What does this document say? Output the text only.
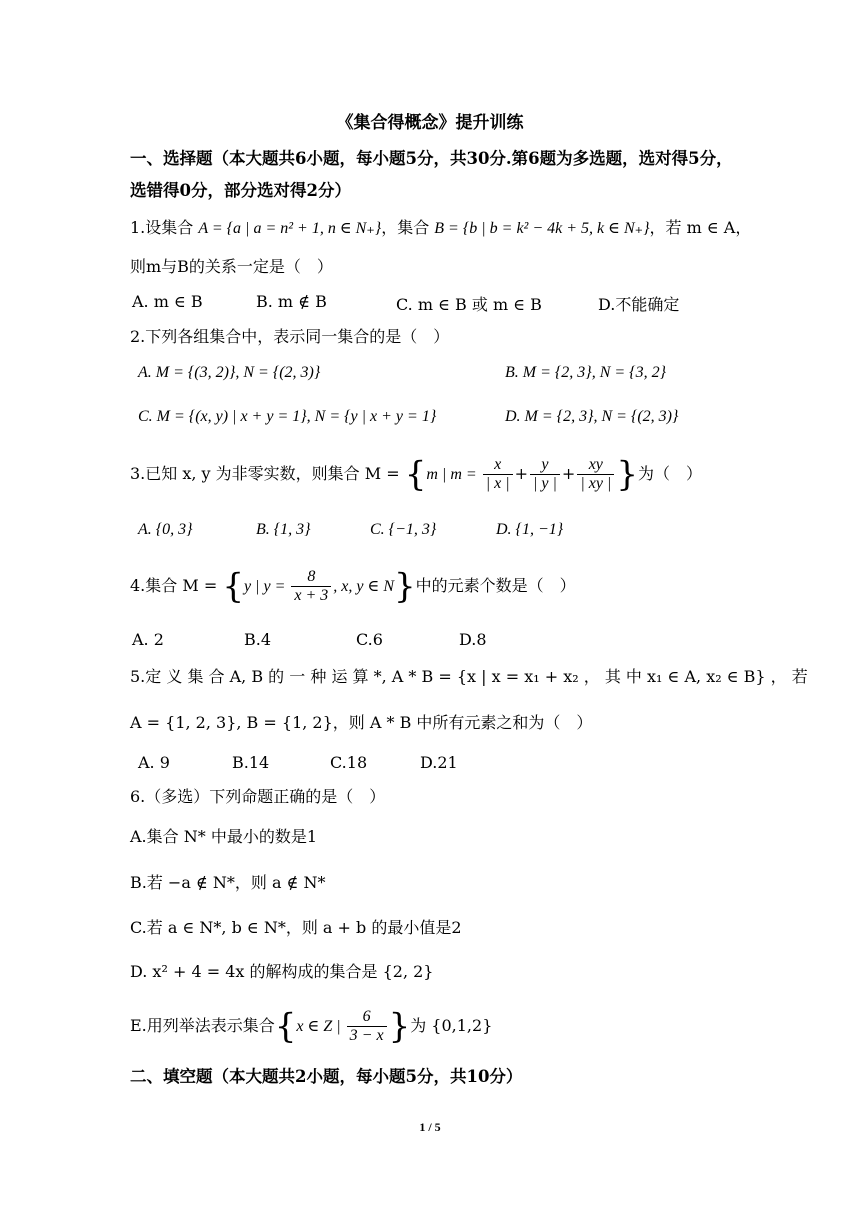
《集合得概念》提升训练
一、选择题（本大题共6小题，每小题5分，共30分.第6题为多选题，选对得5分，
选错得0分，部分选对得2分）
1.设集合 A = {a | a = n² + 1, n ∈ N₊}，集合 B = {b | b = k² − 4k + 5, k ∈ N₊}，若 m ∈ A，
则m与B的关系一定是（　）
A. m ∈ B	B. m ∉ B	C. m ∈ B 或 m ∈ B	D.不能确定
2.下列各组集合中，表示同一集合的是（　）
A. M = {(3, 2)}, N = {(2, 3)}	B. M = {2, 3}, N = {3, 2}
C. M = {(x, y) | x + y = 1}, N = {y | x + y = 1}	D. M = {2, 3}, N = {(2, 3)}
3.已知 x, y 为非零实数，则集合 M = {m | $m = \frac{x}{| x |} + \frac{y}{| y |} + \frac{xy}{| xy |}$ }为（　）
A. {0, 3}	B. {1, 3}	C. {−1, 3}	D. {1, −1}
4.集合 M = {y | $y = \frac{8}{x + 3}$ , x, y ∈ N}中的元素个数是（　）
A. 2	B.4	C.6	D.8
5.定 义 集 合 A, B 的 一 种 运 算 *, A * B = {x | x = x₁ + x₂ ， 其 中 x₁ ∈ A, x₂ ∈ B} ， 若
A = {1, 2, 3}, B = {1, 2}，则 A * B 中所有元素之和为（　）
A. 9	B.14	C.18	D.21
6.（多选）下列命题正确的是（　）
A.集合 N* 中最小的数是1
B.若 −a ∉ N*，则 a ∉ N*
C.若 a ∈ N*, b ∈ N*，则 a + b 的最小值是2
D. x² + 4 = 4x 的解构成的集合是 {2, 2}
E.用列举法表示集合{x ∈ Z | $\frac{6}{3 - x}$ }为 {0,1,2}
二、填空题（本大题共2小题，每小题5分，共10分）
1 / 5
